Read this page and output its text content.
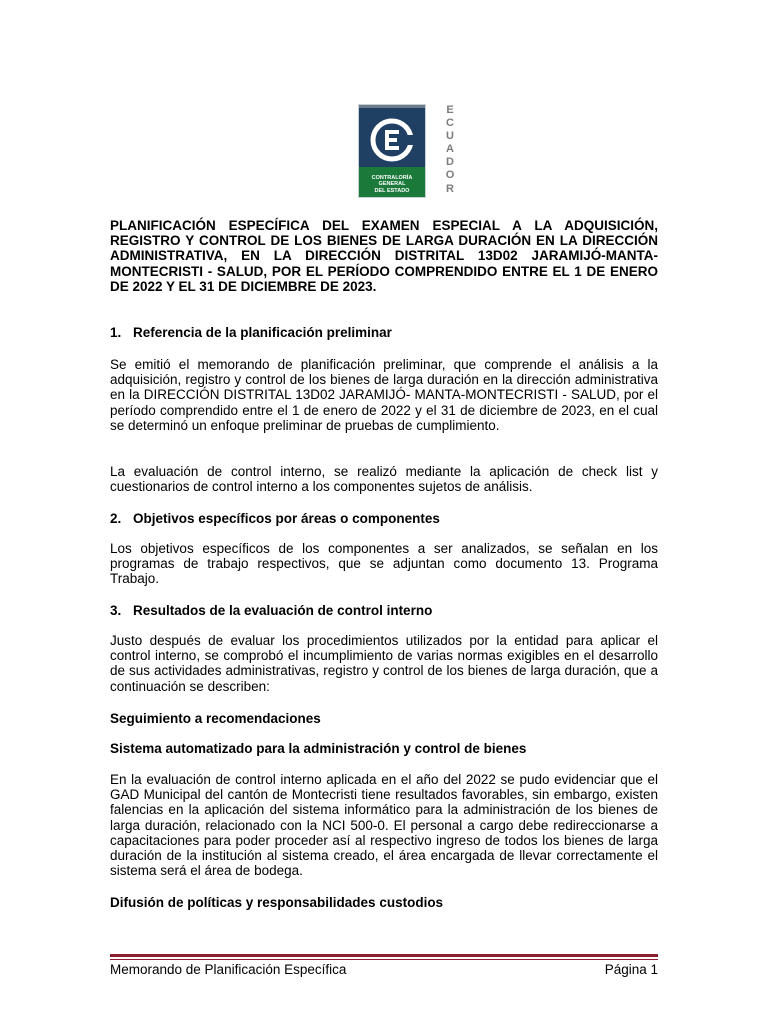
CONTRALORÍA
GENERAL
DEL ESTADO
E
C
U
A
D
O
R
PLANIFICACIÓN ESPECÍFICA DEL EXAMEN ESPECIAL A LA ADQUISICIÓN, REGISTRO Y CONTROL DE LOS BIENES DE LARGA DURACIÓN EN LA DIRECCIÓN ADMINISTRATIVA, EN LA DIRECCIÓN DISTRITAL 13D02 JARAMIJÓ-MANTA- MONTECRISTI - SALUD, POR EL PERÍODO COMPRENDIDO ENTRE EL 1 DE ENERO DE 2022 Y EL 31 DE DICIEMBRE DE 2023.
1. Referencia de la planificación preliminar
Se emitió el memorando de planificación preliminar, que comprende el análisis a la adquisición, registro y control de los bienes de larga duración en la dirección administrativa en la DIRECCIÓN DISTRITAL 13D02 JARAMIJÓ- MANTA-MONTECRISTI - SALUD, por el período comprendido entre el 1 de enero de 2022 y el 31 de diciembre de 2023, en el cual se determinó un enfoque preliminar de pruebas de cumplimiento.
La evaluación de control interno, se realizó mediante la aplicación de check list y cuestionarios de control interno a los componentes sujetos de análisis.
2. Objetivos específicos por áreas o componentes
Los objetivos específicos de los componentes a ser analizados, se señalan en los programas de trabajo respectivos, que se adjuntan como documento 13. Programa Trabajo.
3. Resultados de la evaluación de control interno
Justo después de evaluar los procedimientos utilizados por la entidad para aplicar el control interno, se comprobó el incumplimiento de varias normas exigibles en el desarrollo de sus actividades administrativas, registro y control de los bienes de larga duración, que a continuación se describen:
Seguimiento a recomendaciones
Sistema automatizado para la administración y control de bienes
En la evaluación de control interno aplicada en el año del 2022 se pudo evidenciar que el GAD Municipal del cantón de Montecristi tiene resultados favorables, sin embargo, existen falencias en la aplicación del sistema informático para la administración de los bienes de larga duración, relacionado con la NCI 500-0. El personal a cargo debe redireccionarse a capacitaciones para poder proceder así al respectivo ingreso de todos los bienes de larga duración de la institución al sistema creado, el área encargada de llevar correctamente el sistema será el área de bodega.
Difusión de políticas y responsabilidades custodios
Memorando de Planificación Específica	Página 1
